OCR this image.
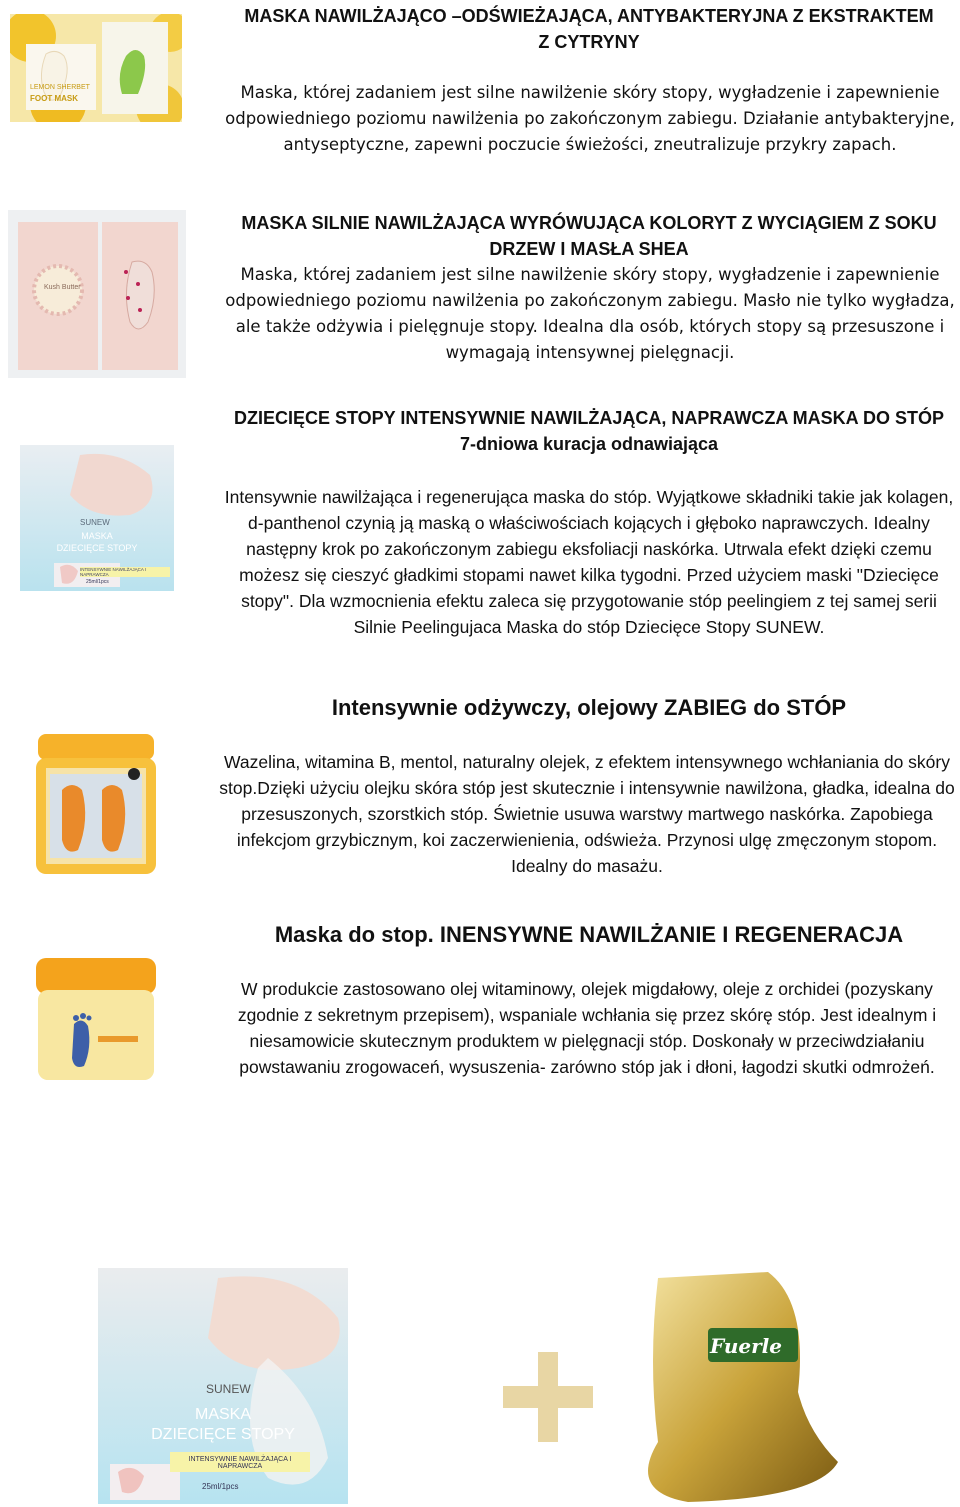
LEMON SHERBET
FOOT MASK
MASKA NAWILŻAJĄCO –ODŚWIEŻAJĄCA, ANTYBAKTERYJNA Z EKSTRAKTEM Z CYTRYNY
Maska, której zadaniem jest silne nawilżenie skóry stopy, wygładzenie i zapewnienie odpowiedniego poziomu nawilżenia po zakończonym zabiegu. Działanie antybakteryjne, antyseptyczne, zapewni poczucie świeżości, zneutralizuje przykry zapach.
Kush Butter
MASKA SILNIE NAWILŻAJĄCA WYRÓWUJĄCA KOLORYT Z WYCIĄGIEM Z SOKU DRZEW I MASŁA SHEA
Maska, której zadaniem jest silne nawilżenie skóry stopy, wygładzenie i zapewnienie odpowiedniego poziomu nawilżenia po zakończonym zabiegu. Masło nie tylko wygładza, ale także odżywia i pielęgnuje stopy. Idealna dla osób, których stopy są przesuszone i wymagają intensywnej pielęgnacji.
SUNEW
MASKA
DZIECIĘCE STOPY
INTENSYWNIE NAWILŻAJĄCA I NAPRAWCZA
25ml/1pcs
DZIECIĘCE STOPY INTENSYWNIE NAWILŻAJĄCA, NAPRAWCZA MASKA DO STÓP
7-dniowa kuracja odnawiająca
Intensywnie nawilżająca i regenerująca maska do stóp. Wyjątkowe składniki takie jak kolagen, d-panthenol czynią ją maską o właściwościach kojących i głęboko naprawczych. Idealny następny krok po zakończonym zabiegu eksfoliacji naskórka. Utrwala efekt dzięki czemu możesz się cieszyć gładkimi stopami nawet kilka tygodni. Przed użyciem maski "Dziecięce stopy". Dla wzmocnienia efektu zaleca się przygotowanie stóp peelingiem z tej samej serii Silnie Peelingujaca Maska do stóp Dziecięce Stopy SUNEW.
Intensywnie odżywczy, olejowy ZABIEG do STÓP
Wazelina, witamina B, mentol, naturalny olejek, z efektem intensywnego wchłaniania do skóry stop.Dzięki użyciu olejku skóra stóp jest skutecznie i intensywnie nawilżona, gładka, idealna do przesuszonych, szorstkich stóp. Świetnie usuwa warstwy martwego naskórka. Zapobiega infekcjom grzybicznym, koi zaczerwienienia, odświeża. Przynosi ulgę zmęczonym stopom. Idealny do masażu.
Maska do stop. INENSYWNE NAWILŻANIE I REGENERACJA
W produkcie zastosowano olej witaminowy, olejek migdałowy, oleje z orchidei (pozyskany zgodnie z sekretnym przepisem), wspaniale wchłania się przez skórę stóp. Jest idealnym i niesamowicie skutecznym produktem w pielęgnacji stóp. Doskonały w przeciwdziałaniu powstawaniu zrogowaceń, wysuszenia- zarówno stóp jak i dłoni, łagodzi skutki odmrożeń.
SUNEW
MASKA
DZIECIĘCE STOPY
INTENSYWNIE NAWILŻAJĄCA I NAPRAWCZA
25ml/1pcs
Fuerle
